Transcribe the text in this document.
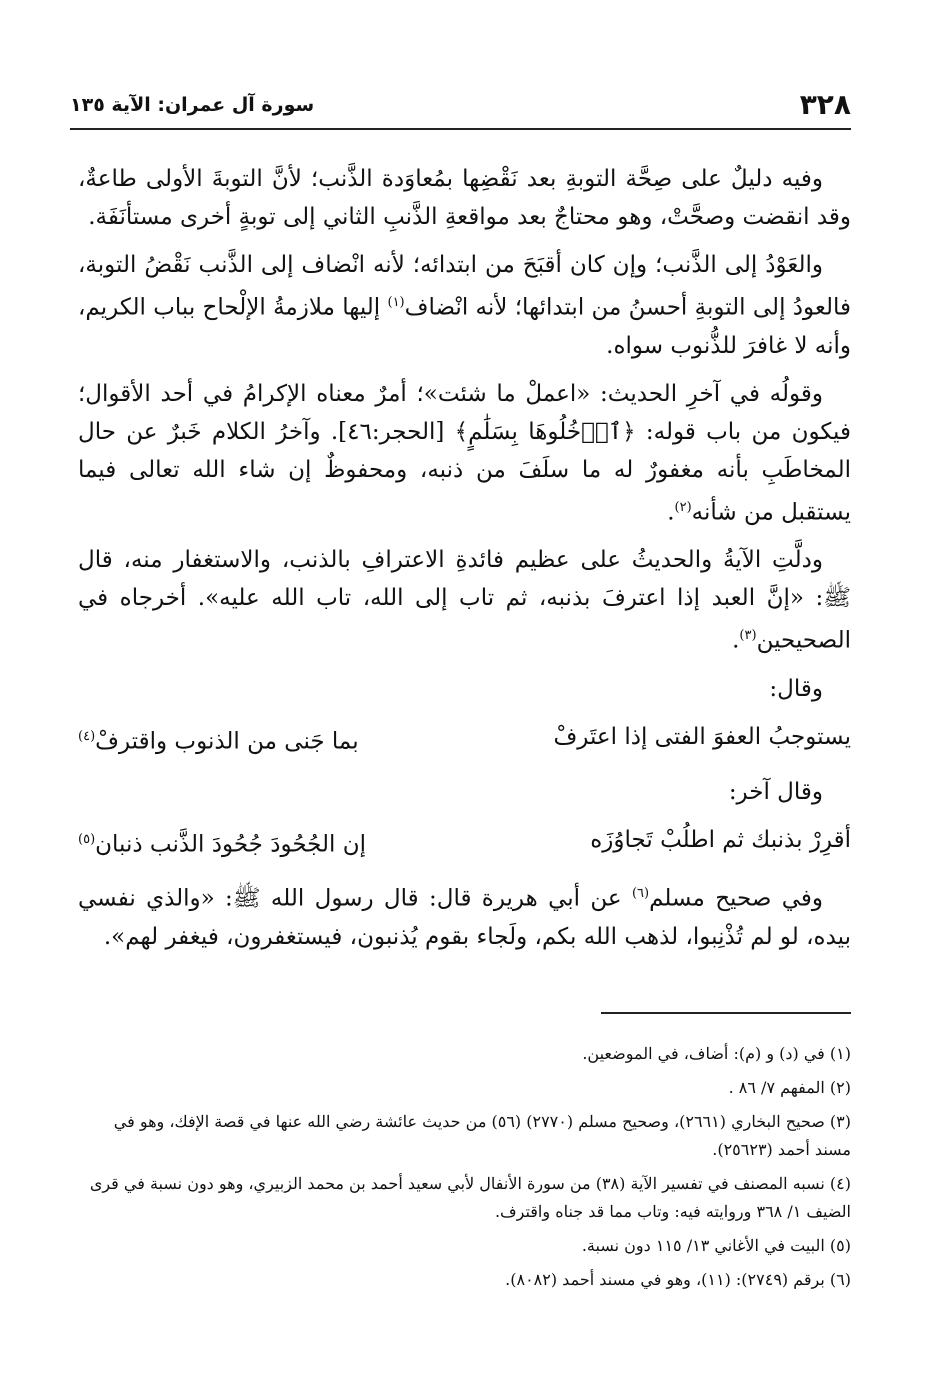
٣٢٨
سورة آل عمران: الآية ١٣٥

وفيه دليلٌ على صِحَّة التوبةِ بعد نَقْضِها بمُعاوَدة الذَّنب؛ لأنَّ التوبةَ الأولى طاعةٌ، وقد انقضت وصحَّتْ، وهو محتاجٌ بعد مواقعةِ الذَّنبِ الثاني إلى توبةٍ أخرى مستأنَفَة.

والعَوْدُ إلى الذَّنب؛ وإن كان أقبَحَ من ابتدائه؛ لأنه انْضاف إلى الذَّنب نَقْضُ التوبة، فالعودُ إلى التوبةِ أحسنُ من ابتدائها؛ لأنه انْضاف$^{(١)}$ إليها ملازمةُ الإلْحاح بباب الكريم، وأنه لا غافرَ للذُّنوب سواه.

وقولُه في آخرِ الحديث: «اعملْ ما شئت»؛ أمرٌ معناه الإكرامُ في أحد الأقوال؛ فيكون من باب قوله: ﴿ٱدۡخُلُوهَا بِسَلَٰمٍ﴾ [الحجر:٤٦]. وآخرُ الكلام خَبرٌ عن حال المخاطَبِ بأنه مغفورٌ له ما سلَفَ من ذنبه، ومحفوظٌ إن شاء الله تعالى فيما يستقبل من شأنه$^{(٢)}$.

ودلَّتِ الآيةُ والحديثُ على عظيم فائدةِ الاعترافِ بالذنب، والاستغفار منه، قال ﷺ: «إنَّ العبد إذا اعترفَ بذنبه، ثم تاب إلى الله، تاب الله عليه». أخرجاه في الصحيحين$^{(٣)}$.

وقال:

يستوجبُ العفوَ الفتى إذا اعتَرفْ
بما جَنى من الذنوب واقترفْ$^{(٤)}$

وقال آخر:

أقرِرْ بذنبك ثم اطلُبْ تَجاوُزَه
إن الجُحُودَ جُحُودَ الذَّنب ذنبان$^{(٥)}$

وفي صحيح مسلم$^{(٦)}$ عن أبي هريرة قال: قال رسول الله ﷺ: «والذي نفسي بيده، لو لم تُذْنِبوا، لذهب الله بكم، ولَجاء بقوم يُذنبون، فيستغفرون، فيغفر لهم».

(١) في (د) و (م): أضاف، في الموضعين.

(٢) المفهم ٧/ ٨٦ .

(٣) صحيح البخاري (٢٦٦١)، وصحيح مسلم (٢٧٧٠) (٥٦) من حديث عائشة رضي الله عنها في قصة الإفك، وهو في مسند أحمد (٢٥٦٢٣).

(٤) نسبه المصنف في تفسير الآية (٣٨) من سورة الأنفال لأبي سعيد أحمد بن محمد الزبيري، وهو دون نسبة في قرى الضيف ١/ ٣٦٨ وروايته فيه: وتاب مما قد جناه واقترف.

(٥) البيت في الأغاني ١٣/ ١١٥ دون نسبة.

(٦) برقم (٢٧٤٩): (١١)، وهو في مسند أحمد (٨٠٨٢).
